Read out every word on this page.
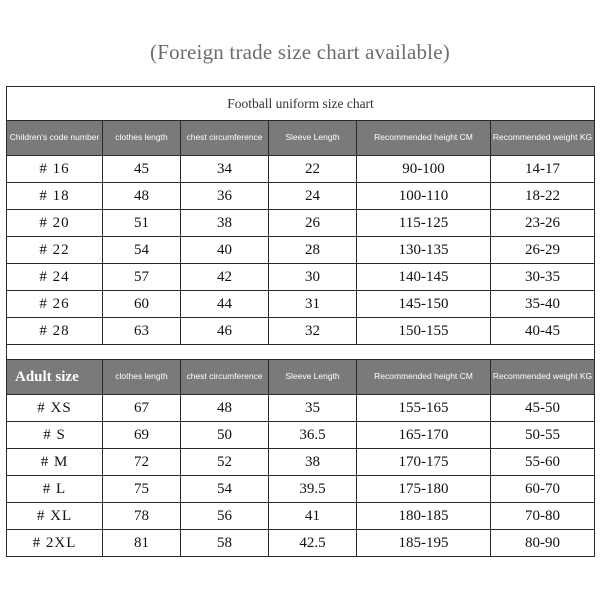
(Foreign trade size chart available)
Football uniform size chart					
Children's code number	clothes length	chest circumference	Sleeve Length	Recommended height CM	Recommended weight KG
# 16	45	34	22	90-100	14-17
# 18	48	36	24	100-110	18-22
# 20	51	38	26	115-125	23-26
# 22	54	40	28	130-135	26-29
# 24	57	42	30	140-145	30-35
# 26	60	44	31	145-150	35-40
# 28	63	46	32	150-155	40-45

Adult size	clothes length	chest circumference	Sleeve Length	Recommended height CM	Recommended weight KG
# XS	67	48	35	155-165	45-50
# S	69	50	36.5	165-170	50-55
# M	72	52	38	170-175	55-60
# L	75	54	39.5	175-180	60-70
# XL	78	56	41	180-185	70-80
# 2XL	81	58	42.5	185-195	80-90
